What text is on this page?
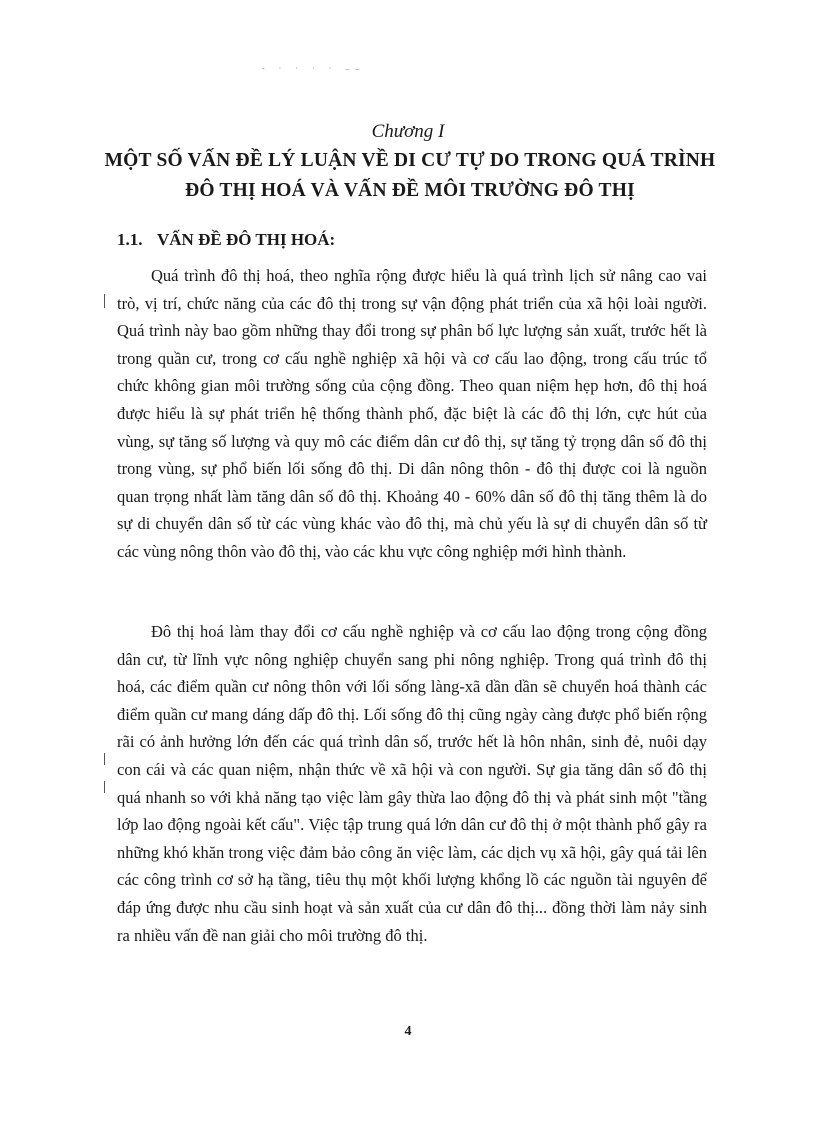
- · · · · ––
Chương I
MỘT SỐ VẤN ĐỀ LÝ LUẬN VỀ DI CƯ TỰ DO TRONG QUÁ TRÌNH ĐÔ THỊ HOÁ VÀ VẤN ĐỀ MÔI TRƯỜNG ĐÔ THỊ
1.1. VẤN ĐỀ ĐÔ THỊ HOÁ:
Quá trình đô thị hoá, theo nghĩa rộng được hiểu là quá trình lịch sử nâng cao vai trò, vị trí, chức năng của các đô thị trong sự vận động phát triển của xã hội loài người. Quá trình này bao gồm những thay đổi trong sự phân bố lực lượng sản xuất, trước hết là trong quần cư, trong cơ cấu nghề nghiệp xã hội và cơ cấu lao động, trong cấu trúc tổ chức không gian môi trường sống của cộng đồng. Theo quan niệm hẹp hơn, đô thị hoá được hiểu là sự phát triển hệ thống thành phố, đặc biệt là các đô thị lớn, cực hút của vùng, sự tăng số lượng và quy mô các điểm dân cư đô thị, sự tăng tỷ trọng dân số đô thị trong vùng, sự phổ biến lối sống đô thị. Di dân nông thôn - đô thị được coi là nguồn quan trọng nhất làm tăng dân số đô thị. Khoảng 40 - 60% dân số đô thị tăng thêm là do sự di chuyển dân số từ các vùng khác vào đô thị, mà chủ yếu là sự di chuyển dân số từ các vùng nông thôn vào đô thị, vào các khu vực công nghiệp mới hình thành.
Đô thị hoá làm thay đổi cơ cấu nghề nghiệp và cơ cấu lao động trong cộng đồng dân cư, từ lĩnh vực nông nghiệp chuyển sang phi nông nghiệp. Trong quá trình đô thị hoá, các điểm quần cư nông thôn với lối sống làng-xã dần dần sẽ chuyển hoá thành các điểm quần cư mang dáng dấp đô thị. Lối sống đô thị cũng ngày càng được phổ biến rộng rãi có ảnh hưởng lớn đến các quá trình dân số, trước hết là hôn nhân, sinh đẻ, nuôi dạy con cái và các quan niệm, nhận thức về xã hội và con người. Sự gia tăng dân số đô thị quá nhanh so với khả năng tạo việc làm gây thừa lao động đô thị và phát sinh một "tầng lớp lao động ngoài kết cấu". Việc tập trung quá lớn dân cư đô thị ở một thành phố gây ra những khó khăn trong việc đảm bảo công ăn việc làm, các dịch vụ xã hội, gây quá tải lên các công trình cơ sở hạ tầng, tiêu thụ một khối lượng khổng lồ các nguồn tài nguyên để đáp ứng được nhu cầu sinh hoạt và sản xuất của cư dân đô thị... đồng thời làm nảy sinh ra nhiều vấn đề nan giải cho môi trường đô thị.
4
